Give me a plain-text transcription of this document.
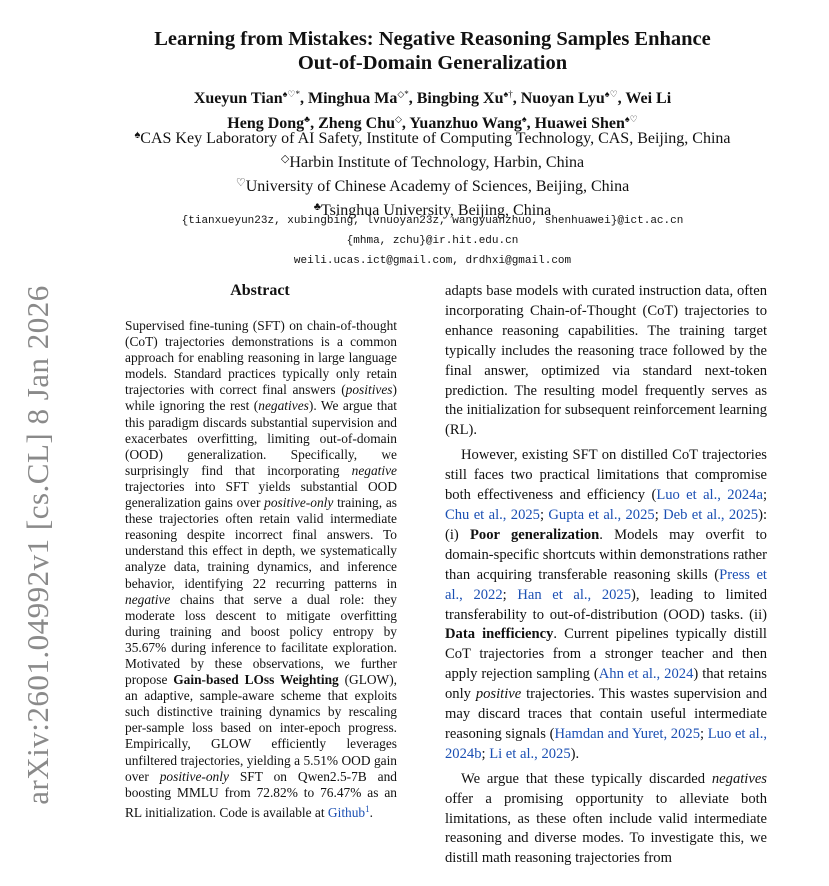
arXiv:2601.04992v1 [cs.CL] 8 Jan 2026
Learning from Mistakes: Negative Reasoning Samples Enhance
Out-of-Domain Generalization
Xueyun Tian♠♡*, Minghua Ma◇*, Bingbing Xu♠†, Nuoyan Lyu♠♡, Wei Li
Heng Dong♣, Zheng Chu◇, Yuanzhuo Wang♠, Huawei Shen♠♡
♠CAS Key Laboratory of AI Safety, Institute of Computing Technology, CAS, Beijing, China
◇Harbin Institute of Technology, Harbin, China
♡University of Chinese Academy of Sciences, Beijing, China
♣Tsinghua University, Beijing, China
{tianxueyun23z, xubingbing, lvnuoyan23z, wangyuanzhuo, shenhuawei}@ict.ac.cn
{mhma, zchu}@ir.hit.edu.cn
weili.ucas.ict@gmail.com, drdhxi@gmail.com
Abstract
Supervised fine-tuning (SFT) on chain-of-thought (CoT) trajectories demonstrations is a common approach for enabling reasoning in large language models. Standard practices typically only retain trajectories with correct final answers (positives) while ignoring the rest (negatives). We argue that this paradigm discards substantial supervision and exacerbates overfitting, limiting out-of-domain (OOD) generalization. Specifically, we surprisingly find that incorporating negative trajectories into SFT yields substantial OOD generalization gains over positive-only training, as these trajectories often retain valid intermediate reasoning despite incorrect final answers. To understand this effect in depth, we systematically analyze data, training dynamics, and inference behavior, identifying 22 recurring patterns in negative chains that serve a dual role: they moderate loss descent to mitigate overfitting during training and boost policy entropy by 35.67% during inference to facilitate exploration. Motivated by these observations, we further propose Gain-based LOss Weighting (GLOW), an adaptive, sample-aware scheme that exploits such distinctive training dynamics by rescaling per-sample loss based on inter-epoch progress. Empirically, GLOW efficiently leverages unfiltered trajectories, yielding a 5.51% OOD gain over positive-only SFT on Qwen2.5-7B and boosting MMLU from 72.82% to 76.47% as an RL initialization. Code is available at Github$^1$.

adapts base models with curated instruction data, often incorporating Chain-of-Thought (CoT) trajectories to enhance reasoning capabilities. The training target typically includes the reasoning trace followed by the final answer, optimized via standard next-token prediction. The resulting model frequently serves as the initialization for subsequent reinforcement learning (RL).

However, existing SFT on distilled CoT trajectories still faces two practical limitations that compromise both effectiveness and efficiency (Luo et al., 2024a; Chu et al., 2025; Gupta et al., 2025; Deb et al., 2025): (i) Poor generalization. Models may overfit to domain-specific shortcuts within demonstrations rather than acquiring transferable reasoning skills (Press et al., 2022; Han et al., 2025), leading to limited transferability to out-of-distribution (OOD) tasks. (ii) Data inefficiency. Current pipelines typically distill CoT trajectories from a stronger teacher and then apply rejection sampling (Ahn et al., 2024) that retains only positive trajectories. This wastes supervision and may discard traces that contain useful intermediate reasoning signals (Hamdan and Yuret, 2025; Luo et al., 2024b; Li et al., 2025).

We argue that these typically discarded negatives offer a promising opportunity to alleviate both limitations, as these often include valid intermediate reasoning and diverse modes. To investigate this, we distill math reasoning trajectories from
